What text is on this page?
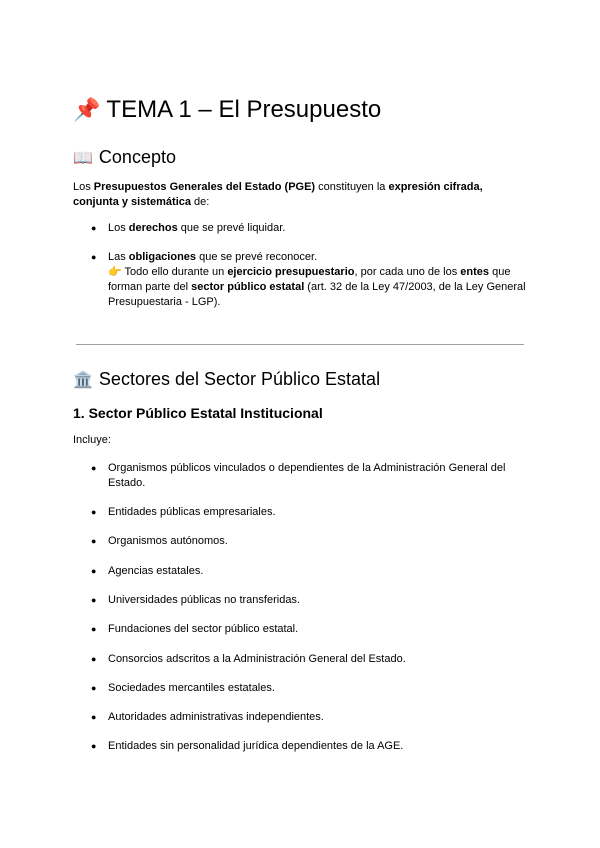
📌 TEMA 1 – El Presupuesto
📖 Concepto

Los Presupuestos Generales del Estado (PGE) constituyen la expresión cifrada, conjunta y sistemática de:

● Los derechos que se prevé liquidar.

● Las obligaciones que se prevé reconocer.
👉 Todo ello durante un ejercicio presupuestario, por cada uno de los entes que forman parte del sector público estatal (art. 32 de la Ley 47/2003, de la Ley General Presupuestaria - LGP).

🏛️ Sectores del Sector Público Estatal
1. Sector Público Estatal Institucional

Incluye:

● Organismos públicos vinculados o dependientes de la Administración General del Estado.

● Entidades públicas empresariales.

● Organismos autónomos.

● Agencias estatales.

● Universidades públicas no transferidas.

● Fundaciones del sector público estatal.

● Consorcios adscritos a la Administración General del Estado.

● Sociedades mercantiles estatales.

● Autoridades administrativas independientes.

● Entidades sin personalidad jurídica dependientes de la AGE.
